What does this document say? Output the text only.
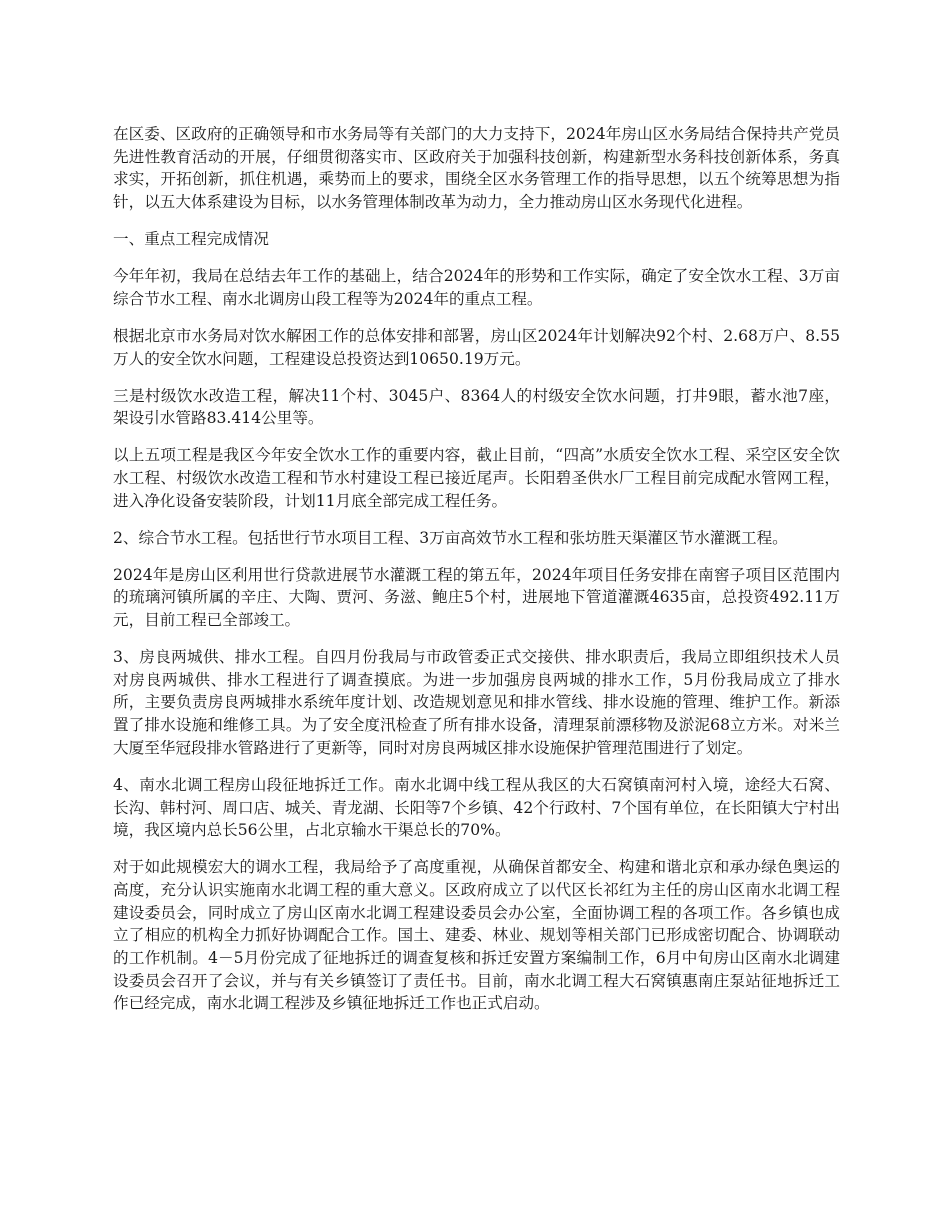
在区委、区政府的正确领导和市水务局等有关部门的大力支持下，2024年房山区水务局结合保持共产党员先进性教育活动的开展，仔细贯彻落实市、区政府关于加强科技创新，构建新型水务科技创新体系，务真求实，开拓创新，抓住机遇，乘势而上的要求，围绕全区水务管理工作的指导思想，以五个统筹思想为指针，以五大体系建设为目标，以水务管理体制改革为动力，全力推动房山区水务现代化进程。

一、重点工程完成情况

今年年初，我局在总结去年工作的基础上，结合2024年的形势和工作实际，确定了安全饮水工程、3万亩综合节水工程、南水北调房山段工程等为2024年的重点工程。

根据北京市水务局对饮水解困工作的总体安排和部署，房山区2024年计划解决92个村、2.68万户、8.55万人的安全饮水问题，工程建设总投资达到10650.19万元。

三是村级饮水改造工程，解决11个村、3045户、8364人的村级安全饮水问题，打井9眼，蓄水池7座，架设引水管路83.414公里等。

以上五项工程是我区今年安全饮水工作的重要内容，截止目前，“四高”水质安全饮水工程、采空区安全饮水工程、村级饮水改造工程和节水村建设工程已接近尾声。长阳碧圣供水厂工程目前完成配水管网工程，进入净化设备安装阶段，计划11月底全部完成工程任务。

2、综合节水工程。包括世行节水项目工程、3万亩高效节水工程和张坊胜天渠灌区节水灌溉工程。

2024年是房山区利用世行贷款进展节水灌溉工程的第五年，2024年项目任务安排在南窖子项目区范围内的琉璃河镇所属的辛庄、大陶、贾河、务滋、鲍庄5个村，进展地下管道灌溉4635亩，总投资492.11万元，目前工程已全部竣工。

3、房良两城供、排水工程。自四月份我局与市政管委正式交接供、排水职责后，我局立即组织技术人员对房良两城供、排水工程进行了调查摸底。为进一步加强房良两城的排水工作，5月份我局成立了排水所，主要负责房良两城排水系统年度计划、改造规划意见和排水管线、排水设施的管理、维护工作。新添置了排水设施和维修工具。为了安全度汛检查了所有排水设备，清理泵前漂移物及淤泥68立方米。对米兰大厦至华冠段排水管路进行了更新等，同时对房良两城区排水设施保护管理范围进行了划定。

4、南水北调工程房山段征地拆迁工作。南水北调中线工程从我区的大石窝镇南河村入境，途经大石窝、长沟、韩村河、周口店、城关、青龙湖、长阳等7个乡镇、42个行政村、7个国有单位，在长阳镇大宁村出境，我区境内总长56公里，占北京输水干渠总长的70%。

对于如此规模宏大的调水工程，我局给予了高度重视，从确保首都安全、构建和谐北京和承办绿色奥运的高度，充分认识实施南水北调工程的重大意义。区政府成立了以代区长祁红为主任的房山区南水北调工程建设委员会，同时成立了房山区南水北调工程建设委员会办公室，全面协调工程的各项工作。各乡镇也成立了相应的机构全力抓好协调配合工作。国土、建委、林业、规划等相关部门已形成密切配合、协调联动的工作机制。4－5月份完成了征地拆迁的调查复核和拆迁安置方案编制工作，6月中旬房山区南水北调建设委员会召开了会议，并与有关乡镇签订了责任书。目前，南水北调工程大石窝镇惠南庄泵站征地拆迁工作已经完成，南水北调工程涉及乡镇征地拆迁工作也正式启动。
